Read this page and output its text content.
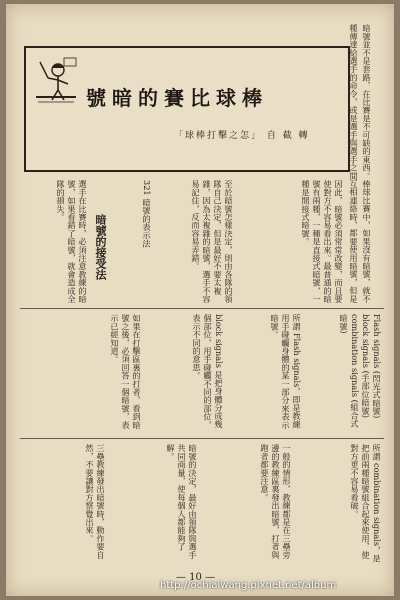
棒球比賽的暗號
「球棒打擊之怎」 自 截 轉
暗號並不是套路，在比賽是不可缺的東西。棒球比賽中，如果沒有暗號，就不
種傳達給選手的命令，或是選手與選手之間互相連絡時，都要使用暗號，但是
因此，暗號必須常常改變，而且要使對方不容易看出來。最普通的暗號有兩種，一種是直接式暗號，一種是間接式暗號。
至於暗號怎樣決定，則由各隊的領隊自己決定，但是最好不要太複雜，因為太複雜的暗號，選手不容易記住，反而容易弄錯。
321 暗號的表示法
暗號的接受法
選手在比賽時，必須注意教練的暗號，如果看錯了暗號，就會造成全隊的損失。
Flash signals (閃光式暗號) block signals (手部位暗號) combination signals (組合式暗號)
所謂 Flash signals，即是教練用手碰觸身體的某一部分來表示暗號。
block signals 是把身體分成幾個部位，用手碰觸不同的部位，表示不同的意思。
如果在打擊區裏的打者，看到暗號之後，必須回答一個暗號，表示已經知道。
所謂 combination signals，是把前兩種暗號組合起來使用，使對方更不容易看破。
一般的情形，教練都是在三壘旁邊的教練區裏發出暗號，打者與跑者都要注意。
暗號的決定，最好由領隊與選手共同商量，使每個人都能夠了解。
三壘教練發出暗號時，動作要自然，不要讓對方察覺出來。
— 10 —
http://ochiaiwang.pixnet.net/album
